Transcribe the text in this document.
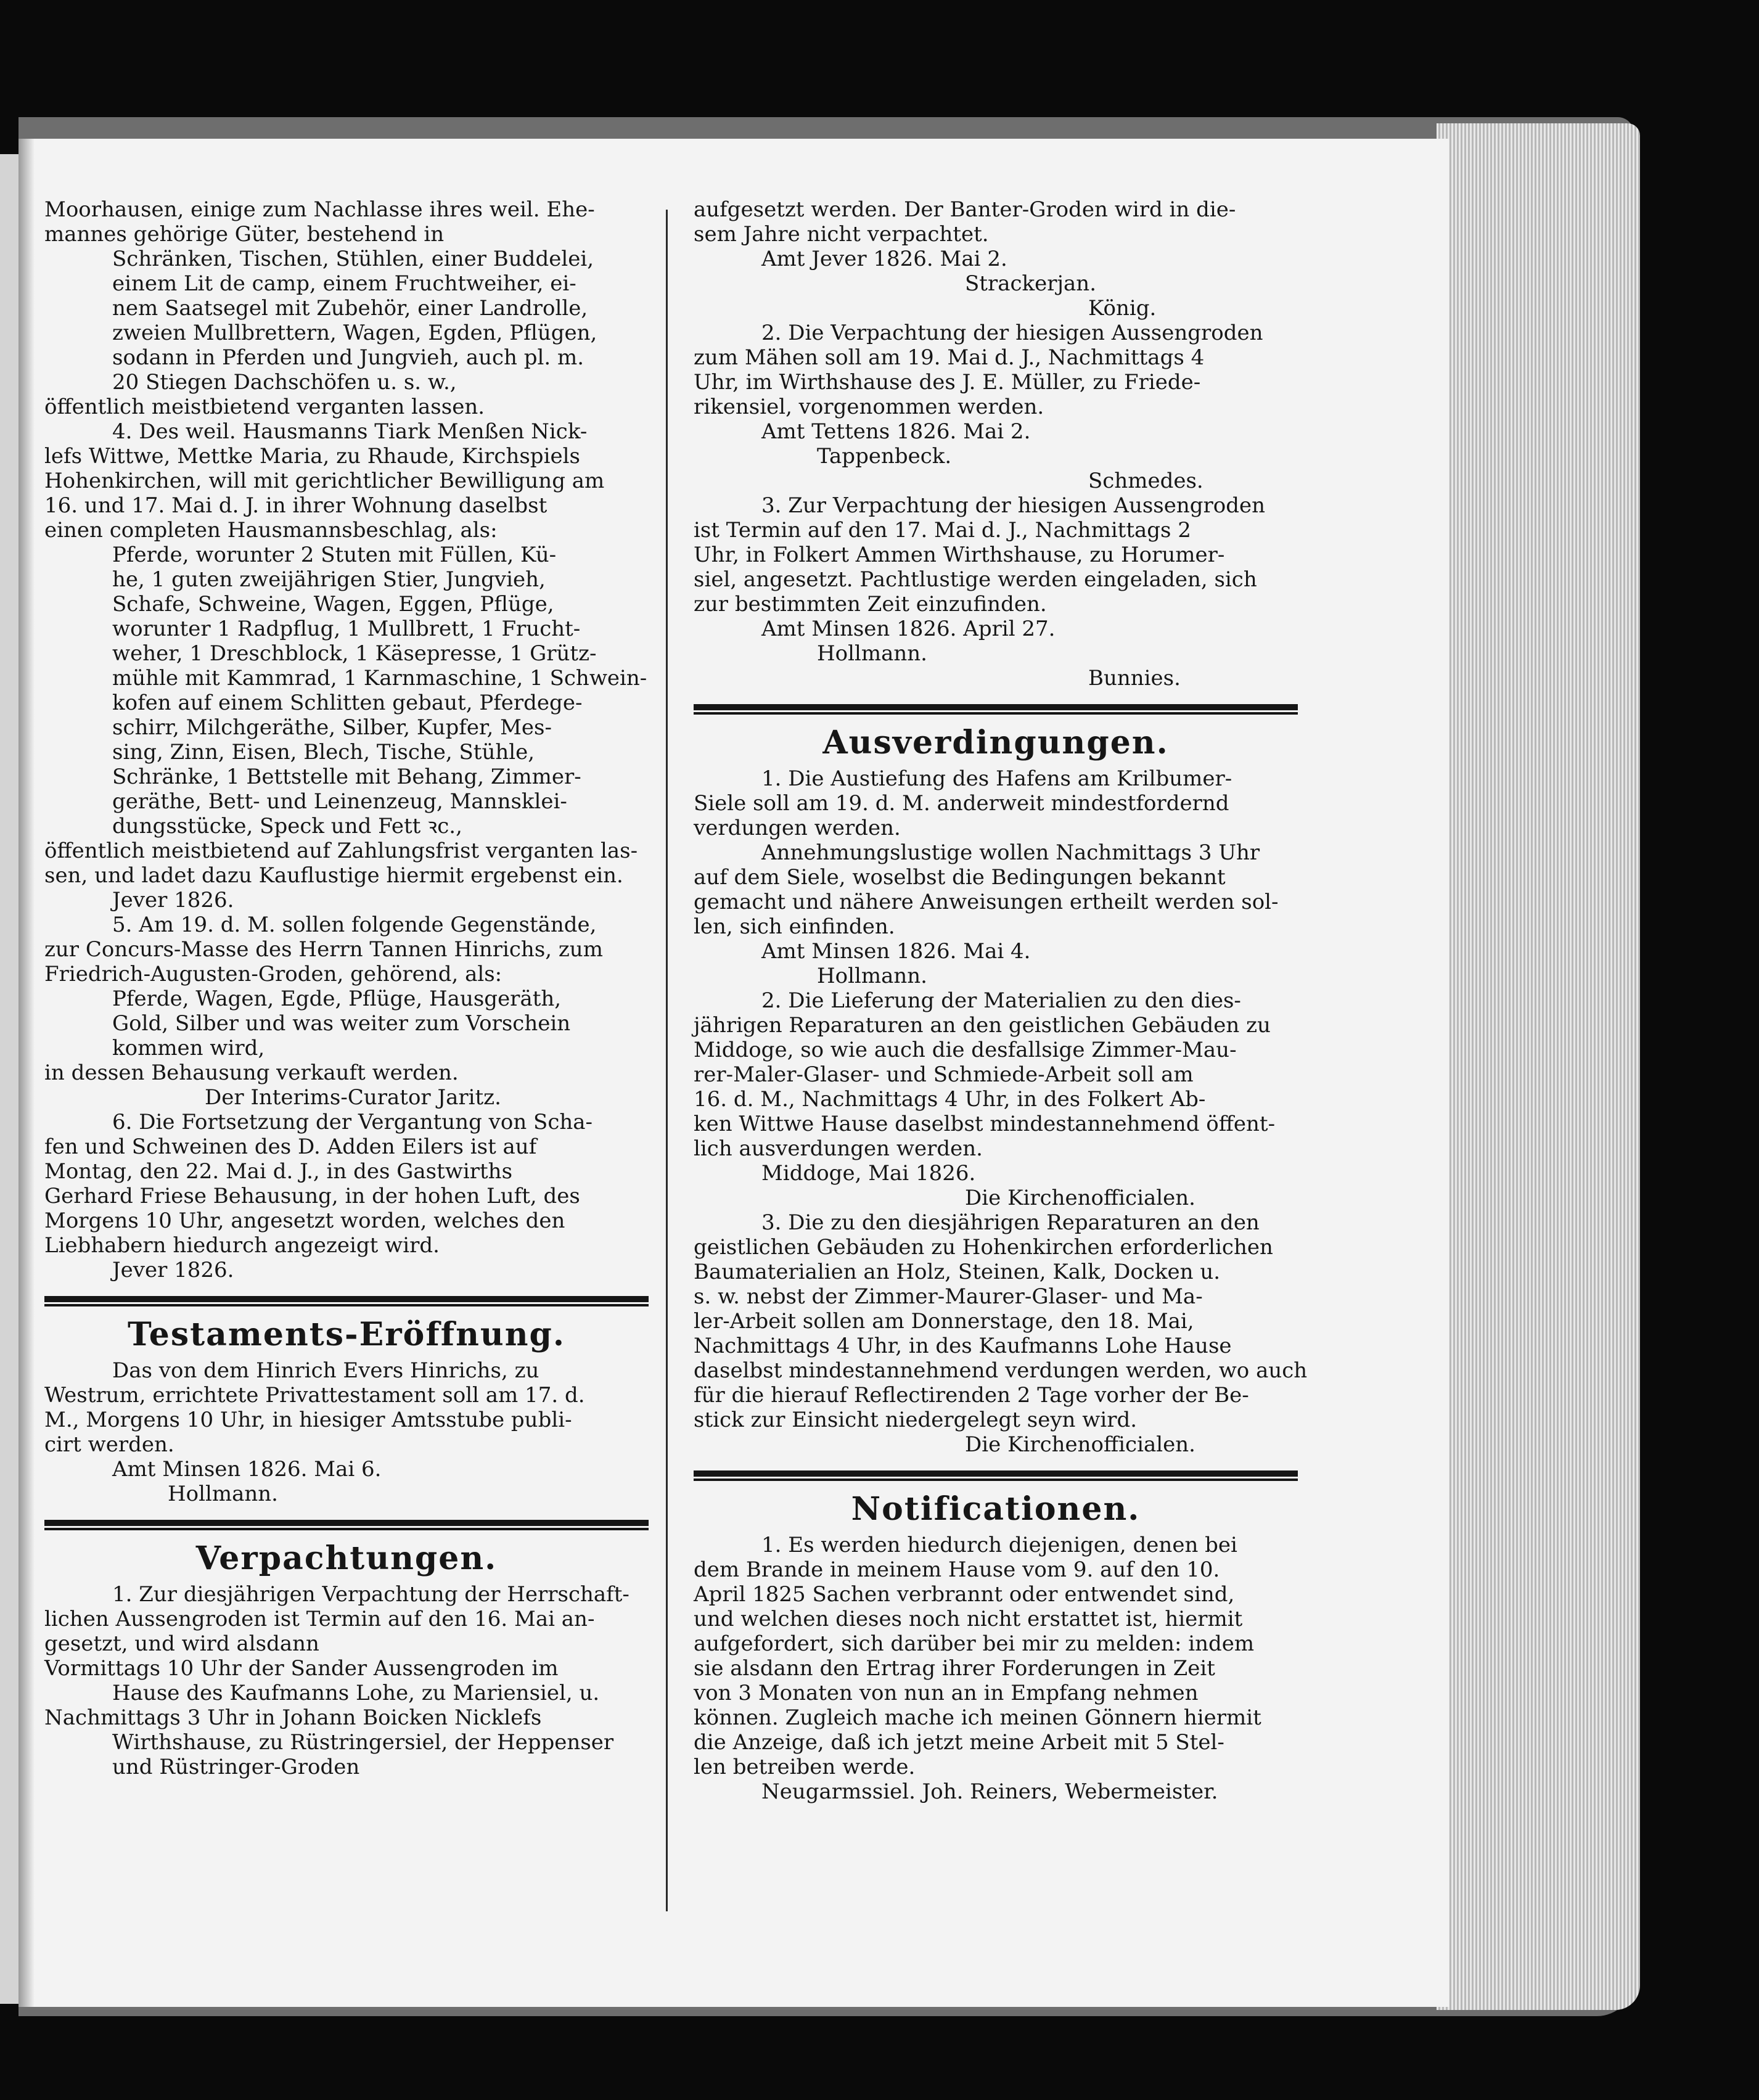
Moorhausen, einige zum Nachlasse ihres weil. Ehe-
mannes gehörige Güter, bestehend in
Schränken, Tischen, Stühlen, einer Buddelei,
einem Lit de camp, einem Fruchtweiher, ei-
nem Saatsegel mit Zubehör, einer Landrolle,
zweien Mullbrettern, Wagen, Egden, Pflügen,
sodann in Pferden und Jungvieh, auch pl. m.
20 Stiegen Dachschöfen u. s. w.,
öffentlich meistbietend verganten lassen.
4. Des weil. Hausmanns Tiark Menßen Nick-
lefs Wittwe, Mettke Maria, zu Rhaude, Kirchspiels
Hohenkirchen, will mit gerichtlicher Bewilligung am
16. und 17. Mai d. J. in ihrer Wohnung daselbst
einen completen Hausmannsbeschlag, als:
Pferde, worunter 2 Stuten mit Füllen, Kü-
he, 1 guten zweijährigen Stier, Jungvieh,
Schafe, Schweine, Wagen, Eggen, Pflüge,
worunter 1 Radpflug, 1 Mullbrett, 1 Frucht-
weher, 1 Dreschblock, 1 Käsepresse, 1 Grütz-
mühle mit Kammrad, 1 Karnmaschine, 1 Schwein-
kofen auf einem Schlitten gebaut, Pferdege-
schirr, Milchgeräthe, Silber, Kupfer, Mes-
sing, Zinn, Eisen, Blech, Tische, Stühle,
Schränke, 1 Bettstelle mit Behang, Zimmer-
geräthe, Bett- und Leinenzeug, Mannsklei-
dungsstücke, Speck und Fett ꝛc.,
öffentlich meistbietend auf Zahlungsfrist verganten las-
sen, und ladet dazu Kauflustige hiermit ergebenst ein.
Jever 1826.
5. Am 19. d. M. sollen folgende Gegenstände,
zur Concurs-Masse des Herrn Tannen Hinrichs, zum
Friedrich-Augusten-Groden, gehörend, als:
Pferde, Wagen, Egde, Pflüge, Hausgeräth,
Gold, Silber und was weiter zum Vorschein
kommen wird,
in dessen Behausung verkauft werden.
Der Interims-Curator Jaritz.
6. Die Fortsetzung der Vergantung von Scha-
fen und Schweinen des D. Adden Eilers ist auf
Montag, den 22. Mai d. J., in des Gastwirths
Gerhard Friese Behausung, in der hohen Luft, des
Morgens 10 Uhr, angesetzt worden, welches den
Liebhabern hiedurch angezeigt wird.
Jever 1826.
Testaments-Eröffnung.
Das von dem Hinrich Evers Hinrichs, zu
Westrum, errichtete Privattestament soll am 17. d.
M., Morgens 10 Uhr, in hiesiger Amtsstube publi-
cirt werden.
Amt Minsen 1826. Mai 6.
Hollmann.
Verpachtungen.
1. Zur diesjährigen Verpachtung der Herrschaft-
lichen Aussengroden ist Termin auf den 16. Mai an-
gesetzt, und wird alsdann
Vormittags 10 Uhr der Sander Aussengroden im
Hause des Kaufmanns Lohe, zu Mariensiel, u.
Nachmittags 3 Uhr in Johann Boicken Nicklefs
Wirthshause, zu Rüstringersiel, der Heppenser
und Rüstringer-Groden
aufgesetzt werden. Der Banter-Groden wird in die-
sem Jahre nicht verpachtet.
Amt Jever 1826. Mai 2.
Strackerjan.
König.
2. Die Verpachtung der hiesigen Aussengroden
zum Mähen soll am 19. Mai d. J., Nachmittags 4
Uhr, im Wirthshause des J. E. Müller, zu Friede-
rikensiel, vorgenommen werden.
Amt Tettens 1826. Mai 2.
Tappenbeck.
Schmedes.
3. Zur Verpachtung der hiesigen Aussengroden
ist Termin auf den 17. Mai d. J., Nachmittags 2
Uhr, in Folkert Ammen Wirthshause, zu Horumer-
siel, angesetzt. Pachtlustige werden eingeladen, sich
zur bestimmten Zeit einzufinden.
Amt Minsen 1826. April 27.
Hollmann.
Bunnies.
Ausverdingungen.
1. Die Austiefung des Hafens am Krilbumer-
Siele soll am 19. d. M. anderweit mindestfordernd
verdungen werden.
Annehmungslustige wollen Nachmittags 3 Uhr
auf dem Siele, woselbst die Bedingungen bekannt
gemacht und nähere Anweisungen ertheilt werden sol-
len, sich einfinden.
Amt Minsen 1826. Mai 4.
Hollmann.
2. Die Lieferung der Materialien zu den dies-
jährigen Reparaturen an den geistlichen Gebäuden zu
Middoge, so wie auch die desfallsige Zimmer-Mau-
rer-Maler-Glaser- und Schmiede-Arbeit soll am
16. d. M., Nachmittags 4 Uhr, in des Folkert Ab-
ken Wittwe Hause daselbst mindestannehmend öffent-
lich ausverdungen werden.
Middoge, Mai 1826.
Die Kirchenofficialen.
3. Die zu den diesjährigen Reparaturen an den
geistlichen Gebäuden zu Hohenkirchen erforderlichen
Baumaterialien an Holz, Steinen, Kalk, Docken u.
s. w. nebst der Zimmer-Maurer-Glaser- und Ma-
ler-Arbeit sollen am Donnerstage, den 18. Mai,
Nachmittags 4 Uhr, in des Kaufmanns Lohe Hause
daselbst mindestannehmend verdungen werden, wo auch
für die hierauf Reflectirenden 2 Tage vorher der Be-
stick zur Einsicht niedergelegt seyn wird.
Die Kirchenofficialen.
Notificationen.
1. Es werden hiedurch diejenigen, denen bei
dem Brande in meinem Hause vom 9. auf den 10.
April 1825 Sachen verbrannt oder entwendet sind,
und welchen dieses noch nicht erstattet ist, hiermit
aufgefordert, sich darüber bei mir zu melden: indem
sie alsdann den Ertrag ihrer Forderungen in Zeit
von 3 Monaten von nun an in Empfang nehmen
können. Zugleich mache ich meinen Gönnern hiermit
die Anzeige, daß ich jetzt meine Arbeit mit 5 Stel-
len betreiben werde.
Neugarmssiel. Joh. Reiners, Webermeister.
